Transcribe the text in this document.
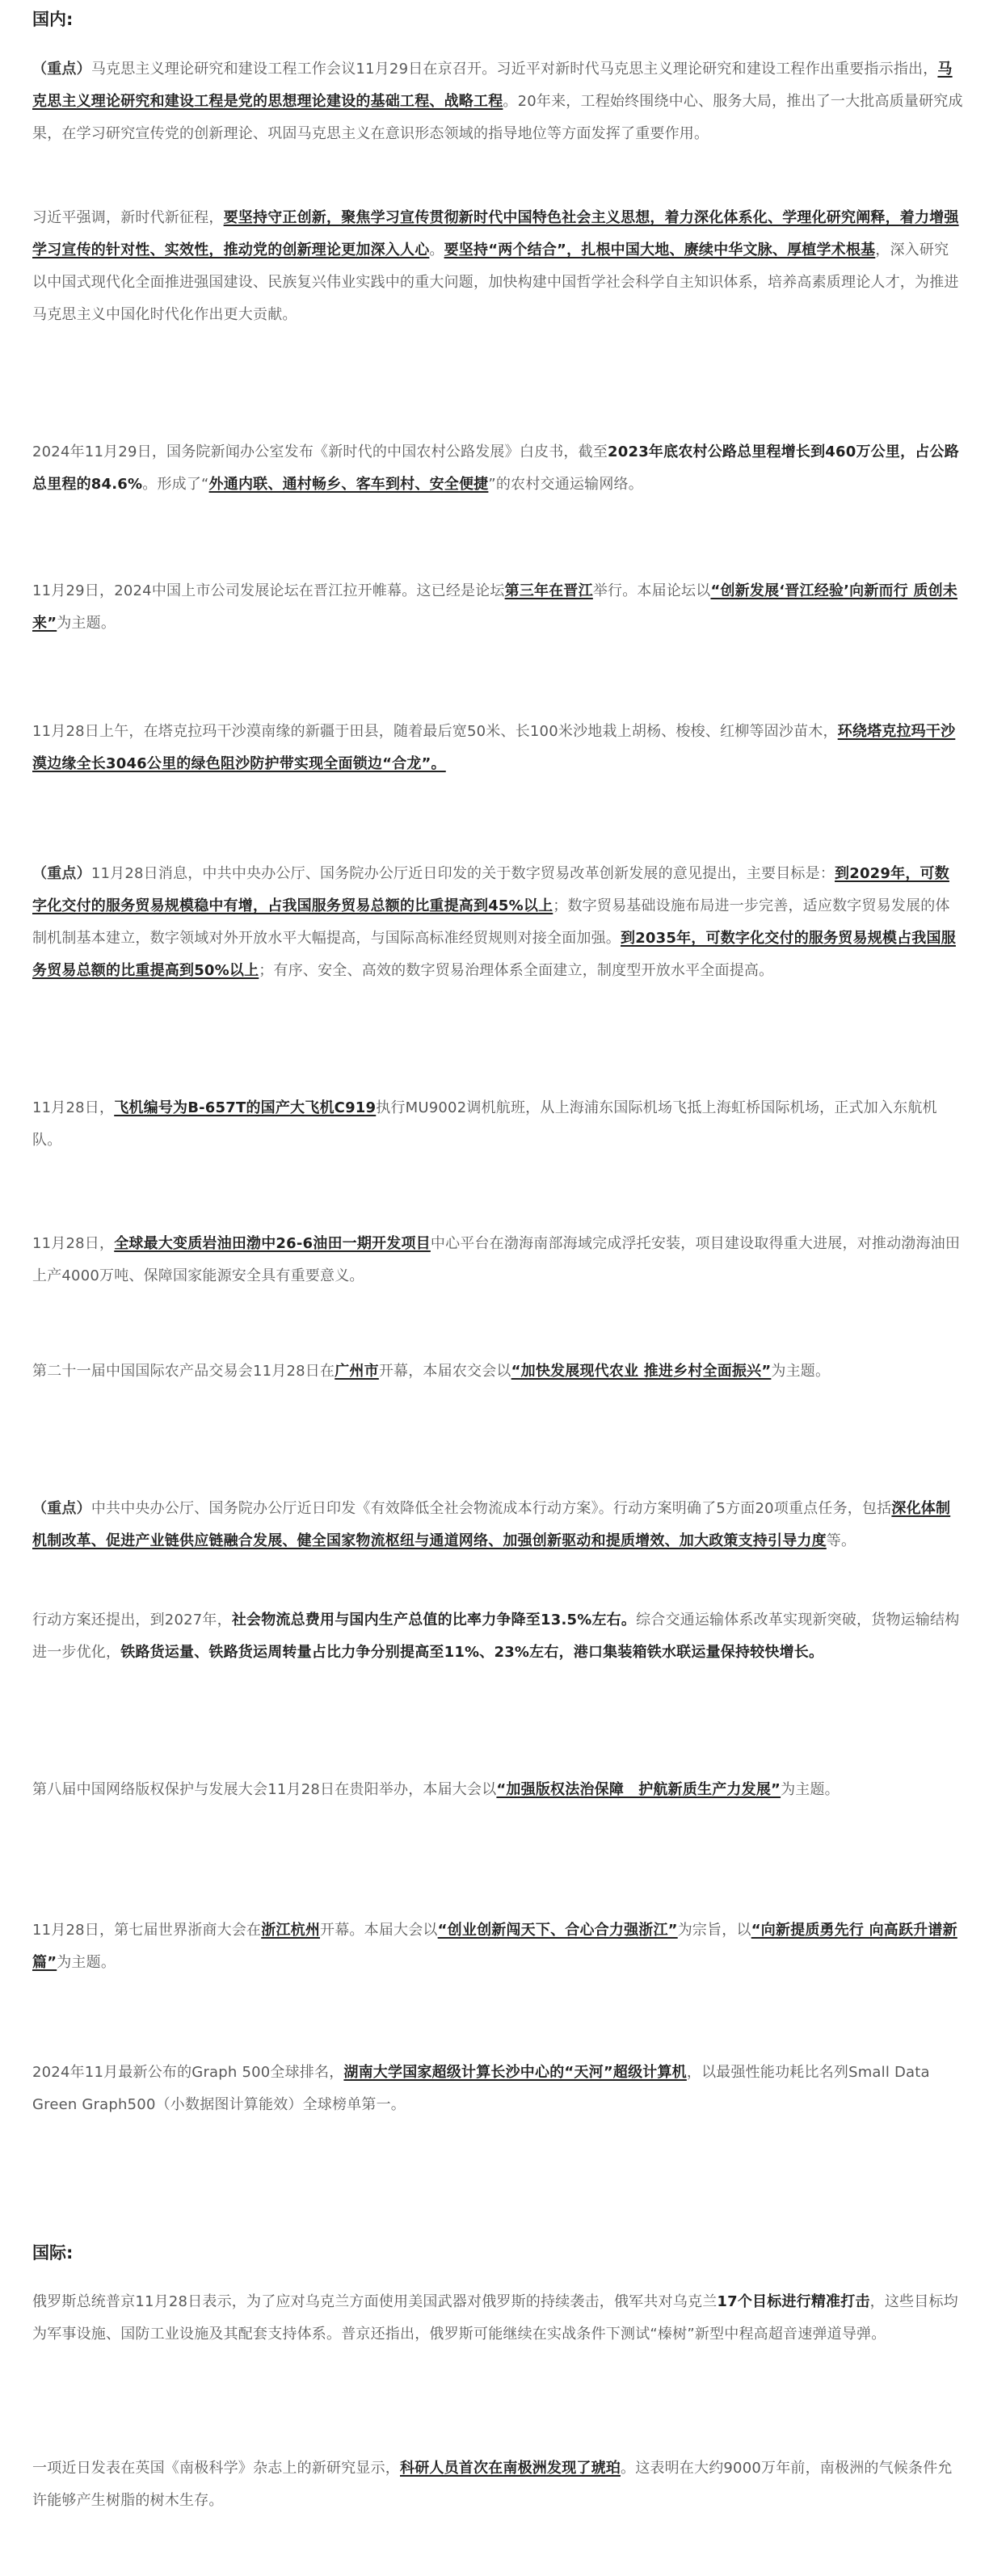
国内:

（重点）马克思主义理论研究和建设工程工作会议11月29日在京召开。习近平对新时代马克思主义理论研究和建设工程作出重要指示指出，马克思主义理论研究和建设工程是党的思想理论建设的基础工程、战略工程。20年来，工程始终围绕中心、服务大局，推出了一大批高质量研究成果，在学习研究宣传党的创新理论、巩固马克思主义在意识形态领域的指导地位等方面发挥了重要作用。

习近平强调，新时代新征程，要坚持守正创新，聚焦学习宣传贯彻新时代中国特色社会主义思想，着力深化体系化、学理化研究阐释，着力增强学习宣传的针对性、实效性，推动党的创新理论更加深入人心。要坚持“两个结合”，扎根中国大地、赓续中华文脉、厚植学术根基，深入研究以中国式现代化全面推进强国建设、民族复兴伟业实践中的重大问题，加快构建中国哲学社会科学自主知识体系，培养高素质理论人才，为推进马克思主义中国化时代化作出更大贡献。

2024年11月29日，国务院新闻办公室发布《新时代的中国农村公路发展》白皮书，截至2023年底农村公路总里程增长到460万公里，占公路总里程的84.6%。形成了“外通内联、通村畅乡、客车到村、安全便捷”的农村交通运输网络。

11月29日，2024中国上市公司发展论坛在晋江拉开帷幕。这已经是论坛第三年在晋江举行。本届论坛以“创新发展‘晋江经验’向新而行 质创未来”为主题。

11月28日上午，在塔克拉玛干沙漠南缘的新疆于田县，随着最后宽50米、长100米沙地栽上胡杨、梭梭、红柳等固沙苗木，环绕塔克拉玛干沙漠边缘全长3046公里的绿色阻沙防护带实现全面锁边“合龙”。

（重点）11月28日消息，中共中央办公厅、国务院办公厅近日印发的关于数字贸易改革创新发展的意见提出，主要目标是：到2029年，可数字化交付的服务贸易规模稳中有增，占我国服务贸易总额的比重提高到45%以上；数字贸易基础设施布局进一步完善，适应数字贸易发展的体制机制基本建立，数字领域对外开放水平大幅提高，与国际高标准经贸规则对接全面加强。到2035年，可数字化交付的服务贸易规模占我国服务贸易总额的比重提高到50%以上；有序、安全、高效的数字贸易治理体系全面建立，制度型开放水平全面提高。

11月28日，飞机编号为B-657T的国产大飞机C919执行MU9002调机航班，从上海浦东国际机场飞抵上海虹桥国际机场，正式加入东航机队。

11月28日，全球最大变质岩油田渤中26-6油田一期开发项目中心平台在渤海南部海域完成浮托安装，项目建设取得重大进展，对推动渤海油田上产4000万吨、保障国家能源安全具有重要意义。

第二十一届中国国际农产品交易会11月28日在广州市开幕，本届农交会以“加快发展现代农业 推进乡村全面振兴”为主题。

（重点）中共中央办公厅、国务院办公厅近日印发《有效降低全社会物流成本行动方案》。行动方案明确了5方面20项重点任务，包括深化体制机制改革、促进产业链供应链融合发展、健全国家物流枢纽与通道网络、加强创新驱动和提质增效、加大政策支持引导力度等。

行动方案还提出，到2027年，社会物流总费用与国内生产总值的比率力争降至13.5%左右。综合交通运输体系改革实现新突破，货物运输结构进一步优化，铁路货运量、铁路货运周转量占比力争分别提高至11%、23%左右，港口集装箱铁水联运量保持较快增长。

第八届中国网络版权保护与发展大会11月28日在贵阳举办，本届大会以“加强版权法治保障　护航新质生产力发展”为主题。

11月28日，第七届世界浙商大会在浙江杭州开幕。本届大会以“创业创新闯天下、合心合力强浙江”为宗旨，以“向新提质勇先行 向高跃升谱新篇”为主题。

2024年11月最新公布的Graph 500全球排名，湖南大学国家超级计算长沙中心的“天河”超级计算机，以最强性能功耗比名列Small Data Green Graph500（小数据图计算能效）全球榜单第一。

国际:

俄罗斯总统普京11月28日表示，为了应对乌克兰方面使用美国武器对俄罗斯的持续袭击，俄军共对乌克兰17个目标进行精准打击，这些目标均为军事设施、国防工业设施及其配套支持体系。普京还指出，俄罗斯可能继续在实战条件下测试“榛树”新型中程高超音速弹道导弹。

一项近日发表在英国《南极科学》杂志上的新研究显示，科研人员首次在南极洲发现了琥珀。这表明在大约9000万年前，南极洲的气候条件允许能够产生树脂的树木生存。
